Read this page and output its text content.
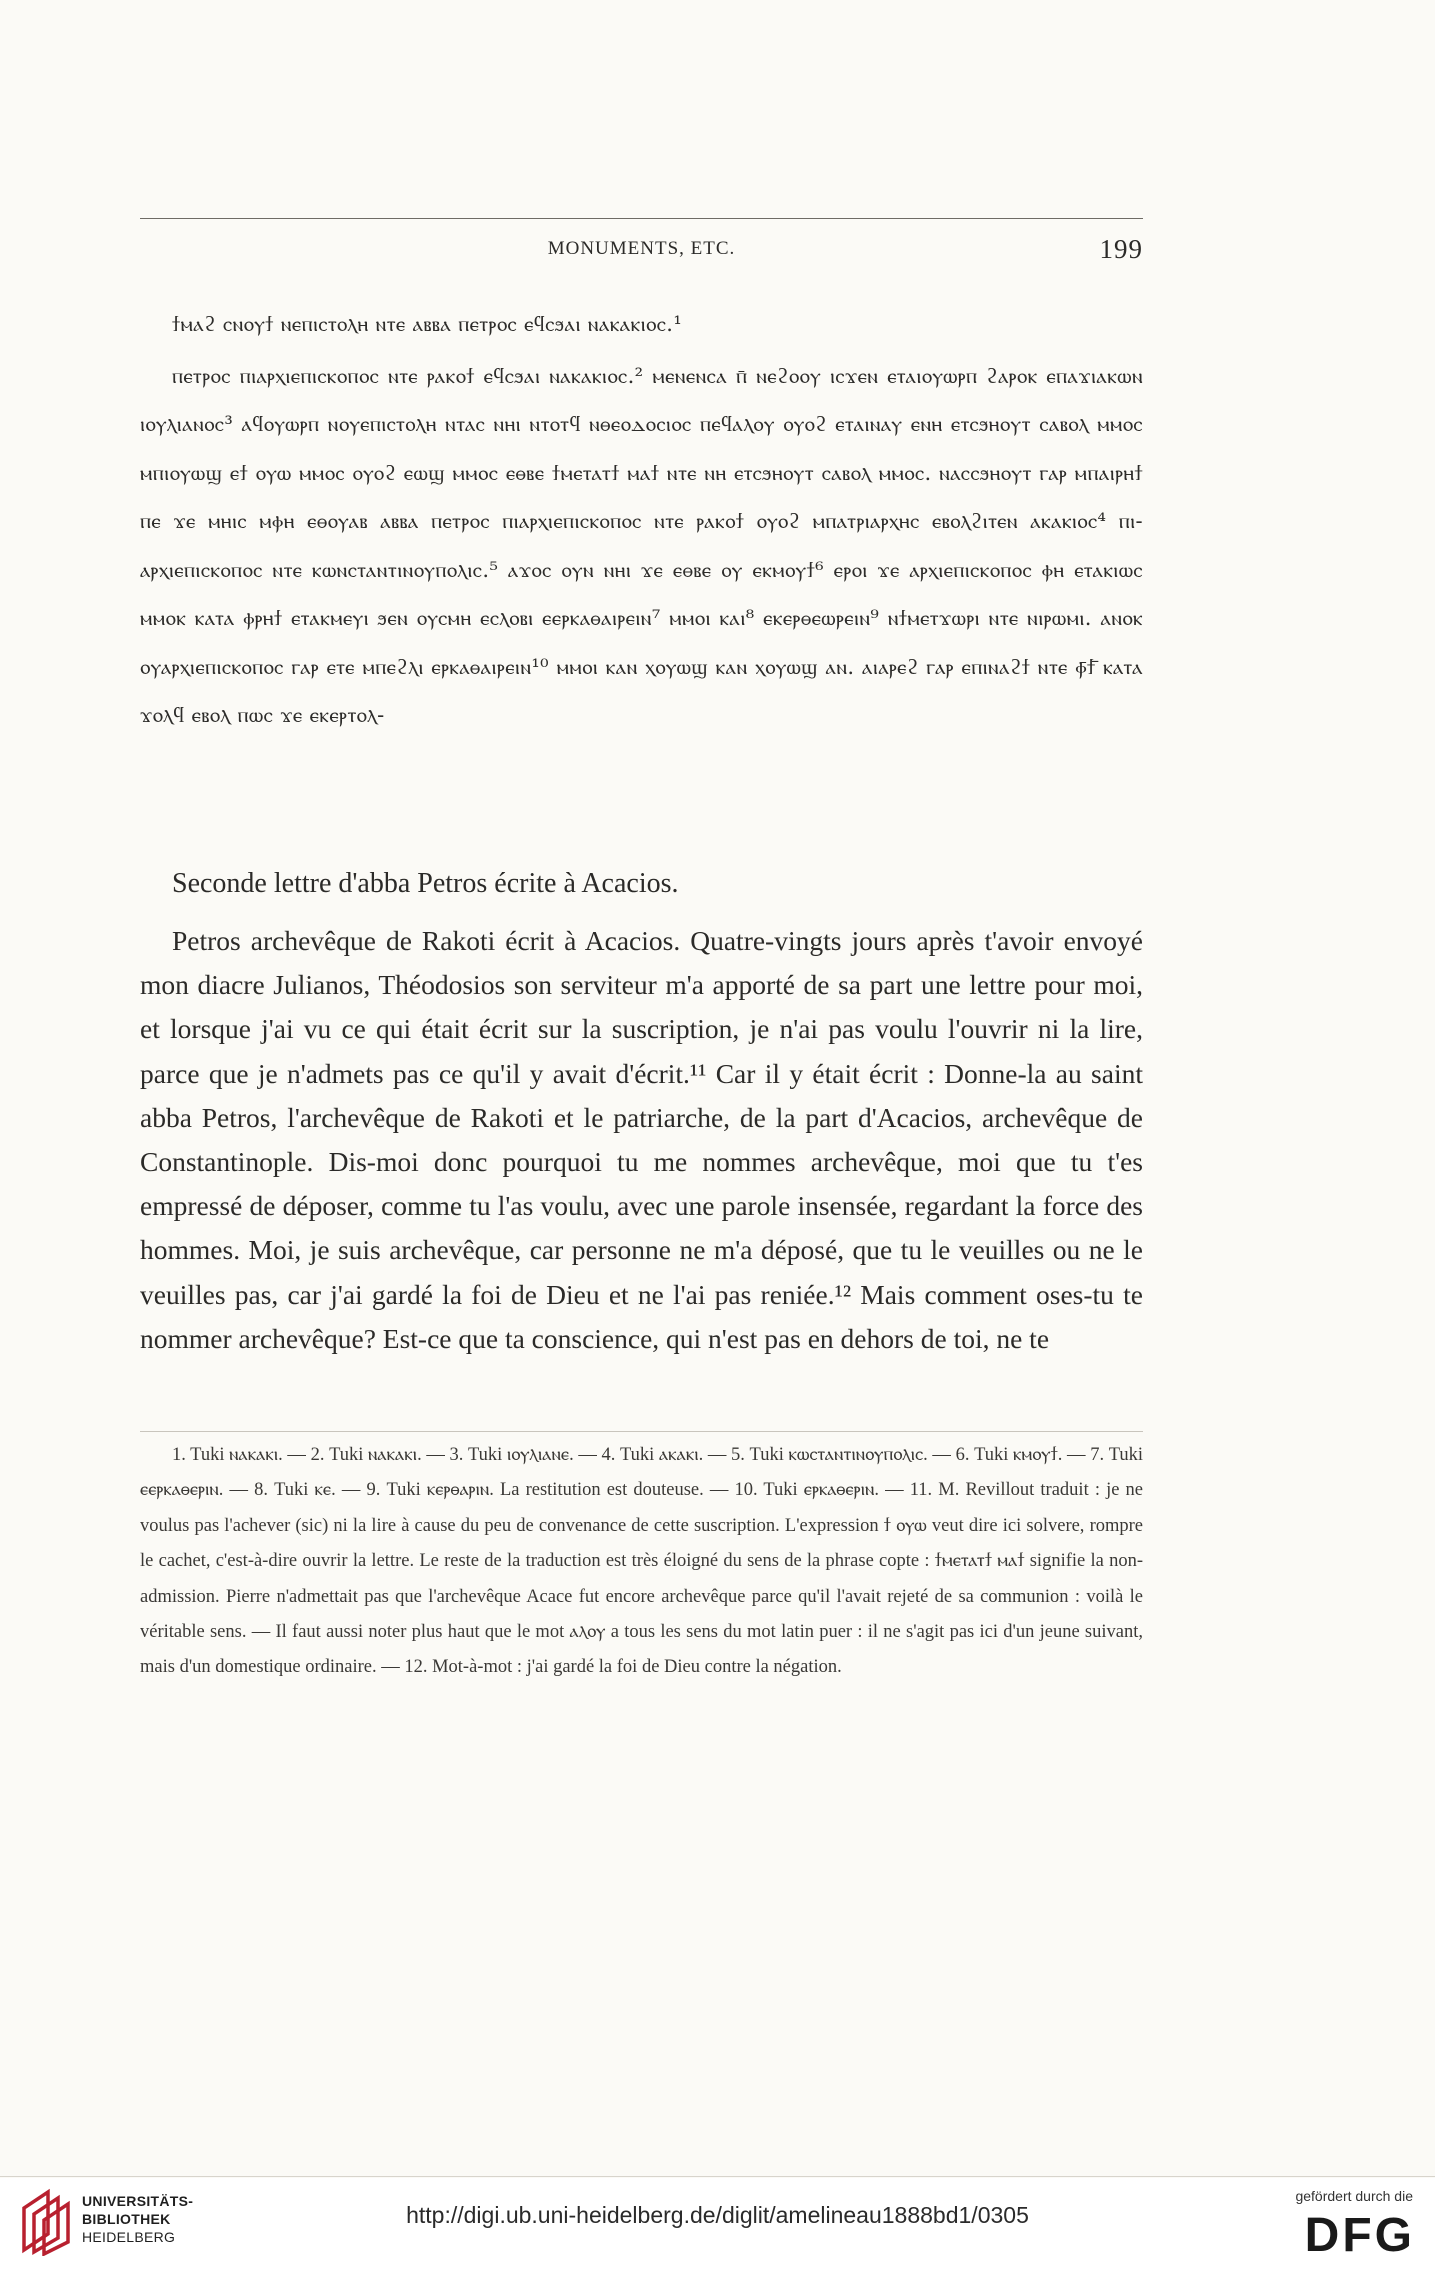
MONUMENTS, ETC.	199

ϯⲙⲁϩ ⲥⲛⲟⲩϯ ⲛⲉⲡⲓⲥⲧⲟⲗⲏ ⲛⲧⲉ ⲁⲃⲃⲁ ⲡⲉⲧⲣⲟⲥ ⲉϥⲥϧⲁⲓ ⲛⲁⲕⲁⲕⲓⲟⲥ.¹

ⲡⲉⲧⲣⲟⲥ ⲡⲓⲁⲣⲭⲓⲉⲡⲓⲥⲕⲟⲡⲟⲥ ⲛⲧⲉ ⲣⲁⲕⲟϯ ⲉϥⲥϧⲁⲓ ⲛⲁⲕⲁⲕⲓⲟⲥ.² ⲙⲉⲛⲉⲛⲥⲁ ⲡ̄ ⲛⲉϩⲟⲟⲩ ⲓⲥϫⲉⲛ ⲉⲧⲁⲓⲟⲩⲱⲣⲡ ϩⲁⲣⲟⲕ ⲉⲡⲁϫⲓⲁⲕⲱⲛ ⲓⲟⲩⲗⲓⲁⲛⲟⲥ³ ⲁϥⲟⲩⲱⲣⲡ ⲛⲟⲩⲉⲡⲓⲥⲧⲟⲗⲏ ⲛⲧⲁⲥ ⲛⲏⲓ ⲛⲧⲟⲧϥ ⲛⲑⲉⲟⲇⲟⲥⲓⲟⲥ ⲡⲉϥⲁⲗⲟⲩ ⲟⲩⲟϩ ⲉⲧⲁⲓⲛⲁⲩ ⲉⲛⲏ ⲉⲧⲥϧⲏⲟⲩⲧ ⲥⲁⲃⲟⲗ ⲙⲙⲟⲥ ⲙⲡⲓⲟⲩⲱϣ ⲉϯ ⲟⲩⲱ ⲙⲙⲟⲥ ⲟⲩⲟϩ ⲉⲱϣ ⲙⲙⲟⲥ ⲉⲑⲃⲉ ϯⲙⲉⲧⲁⲧϯ ⲙⲁϯ ⲛⲧⲉ ⲛⲏ ⲉⲧⲥϧⲏⲟⲩⲧ ⲥⲁⲃⲟⲗ ⲙⲙⲟⲥ. ⲛⲁⲥⲥϧⲏⲟⲩⲧ ⲅⲁⲣ ⲙⲡⲁⲓⲣⲏϯ ⲡⲉ ϫⲉ ⲙⲏⲓⲥ ⲙⲫⲏ ⲉⲑⲟⲩⲁⲃ ⲁⲃⲃⲁ ⲡⲉⲧⲣⲟⲥ ⲡⲓⲁⲣⲭⲓⲉⲡⲓⲥⲕⲟⲡⲟⲥ ⲛⲧⲉ ⲣⲁⲕⲟϯ ⲟⲩⲟϩ ⲙⲡⲁⲧⲣⲓⲁⲣⲭⲏⲥ ⲉⲃⲟⲗϩⲓⲧⲉⲛ ⲁⲕⲁⲕⲓⲟⲥ⁴ ⲡⲓ- ⲁⲣⲭⲓⲉⲡⲓⲥⲕⲟⲡⲟⲥ ⲛⲧⲉ ⲕⲱⲛⲥⲧⲁⲛⲧⲓⲛⲟⲩⲡⲟⲗⲓⲥ.⁵ ⲁϫⲟⲥ ⲟⲩⲛ ⲛⲏⲓ ϫⲉ ⲉⲑⲃⲉ ⲟⲩ ⲉⲕⲙⲟⲩϯ⁶ ⲉⲣⲟⲓ ϫⲉ ⲁⲣⲭⲓⲉⲡⲓⲥⲕⲟⲡⲟⲥ ⲫⲏ ⲉⲧⲁⲕⲓⲱⲥ ⲙⲙⲟⲕ ⲕⲁⲧⲁ ⲫⲣⲏϯ ⲉⲧⲁⲕⲙⲉⲩⲓ ϧⲉⲛ ⲟⲩⲥⲙⲏ ⲉⲥⲗⲟⲃⲓ ⲉⲉⲣⲕⲁⲑⲁⲓⲣⲉⲓⲛ⁷ ⲙⲙⲟⲓ ⲕⲁⲓ⁸ ⲉⲕⲉⲣⲑⲉⲱⲣⲉⲓⲛ⁹ ⲛϯⲙⲉⲧϫⲱⲣⲓ ⲛⲧⲉ ⲛⲓⲣⲱⲙⲓ. ⲁⲛⲟⲕ ⲟⲩⲁⲣⲭⲓⲉⲡⲓⲥⲕⲟⲡⲟⲥ ⲅⲁⲣ ⲉⲧⲉ ⲙⲡⲉϩⲗⲓ ⲉⲣⲕⲁⲑⲁⲓⲣⲉⲓⲛ¹⁰ ⲙⲙⲟⲓ ⲕⲁⲛ ⲭⲟⲩⲱϣ ⲕⲁⲛ ⲭⲟⲩⲱϣ ⲁⲛ. ⲁⲓⲁⲣⲉϩ ⲅⲁⲣ ⲉⲡⲓⲛⲁϩϯ ⲛⲧⲉ ⲫ̄ϯ̄ ⲕⲁⲧⲁ ϫⲟⲗϥ ⲉⲃⲟⲗ ⲡⲱⲥ ϫⲉ ⲉⲕⲉⲣⲧⲟⲗ-

Seconde lettre d'abba Petros écrite à Acacios.

Petros archevêque de Rakoti écrit à Acacios. Quatre-vingts jours après t'avoir envoyé mon diacre Julianos, Théodosios son serviteur m'a apporté de sa part une lettre pour moi, et lorsque j'ai vu ce qui était écrit sur la suscription, je n'ai pas voulu l'ouvrir ni la lire, parce que je n'admets pas ce qu'il y avait d'écrit.¹¹ Car il y était écrit : Donne-la au saint abba Petros, l'archevêque de Rakoti et le patriarche, de la part d'Acacios, archevêque de Constantinople. Dis-moi donc pourquoi tu me nommes archevêque, moi que tu t'es empressé de déposer, comme tu l'as voulu, avec une parole insensée, regardant la force des hommes. Moi, je suis archevêque, car personne ne m'a déposé, que tu le veuilles ou ne le veuilles pas, car j'ai gardé la foi de Dieu et ne l'ai pas reniée.¹² Mais comment oses-tu te nommer archevêque? Est-ce que ta conscience, qui n'est pas en dehors de toi, ne te

1. Tuki ⲛⲁⲕⲁⲕⲓ. — 2. Tuki ⲛⲁⲕⲁⲕⲓ. — 3. Tuki ⲓⲟⲩⲗⲓⲁⲛⲉ. — 4. Tuki ⲁⲕⲁⲕⲓ. — 5. Tuki ⲕⲱⲥⲧⲁⲛⲧⲓⲛⲟⲩⲡⲟⲗⲓⲥ. — 6. Tuki ⲕⲙⲟⲩϯ. — 7. Tuki ⲉⲉⲣⲕⲁⲑⲉⲣⲓⲛ. — 8. Tuki ⲕⲉ. — 9. Tuki ⲕⲉⲣⲑⲁⲣⲓⲛ. La restitution est douteuse. — 10. Tuki ⲉⲣⲕⲁⲑⲉⲣⲓⲛ. — 11. M. Revillout traduit : je ne voulus pas l'achever (sic) ni la lire à cause du peu de convenance de cette suscription. L'expression ϯ ⲟⲩⲱ veut dire ici solvere, rompre le cachet, c'est-à-dire ouvrir la lettre. Le reste de la traduction est très éloigné du sens de la phrase copte : ϯⲙⲉⲧⲁⲧϯ ⲙⲁϯ signifie la non-admission. Pierre n'admettait pas que l'archevêque Acace fut encore archevêque parce qu'il l'avait rejeté de sa communion : voilà le véritable sens. — Il faut aussi noter plus haut que le mot ⲁⲗⲟⲩ a tous les sens du mot latin puer : il ne s'agit pas ici d'un jeune suivant, mais d'un domestique ordinaire. — 12. Mot-à-mot : j'ai gardé la foi de Dieu contre la négation.

UNIVERSITÄTS-
BIBLIOTHEK
HEIDELBERG
http://digi.ub.uni-heidelberg.de/diglit/amelineau1888bd1/0305
gefördert durch die
DFG
